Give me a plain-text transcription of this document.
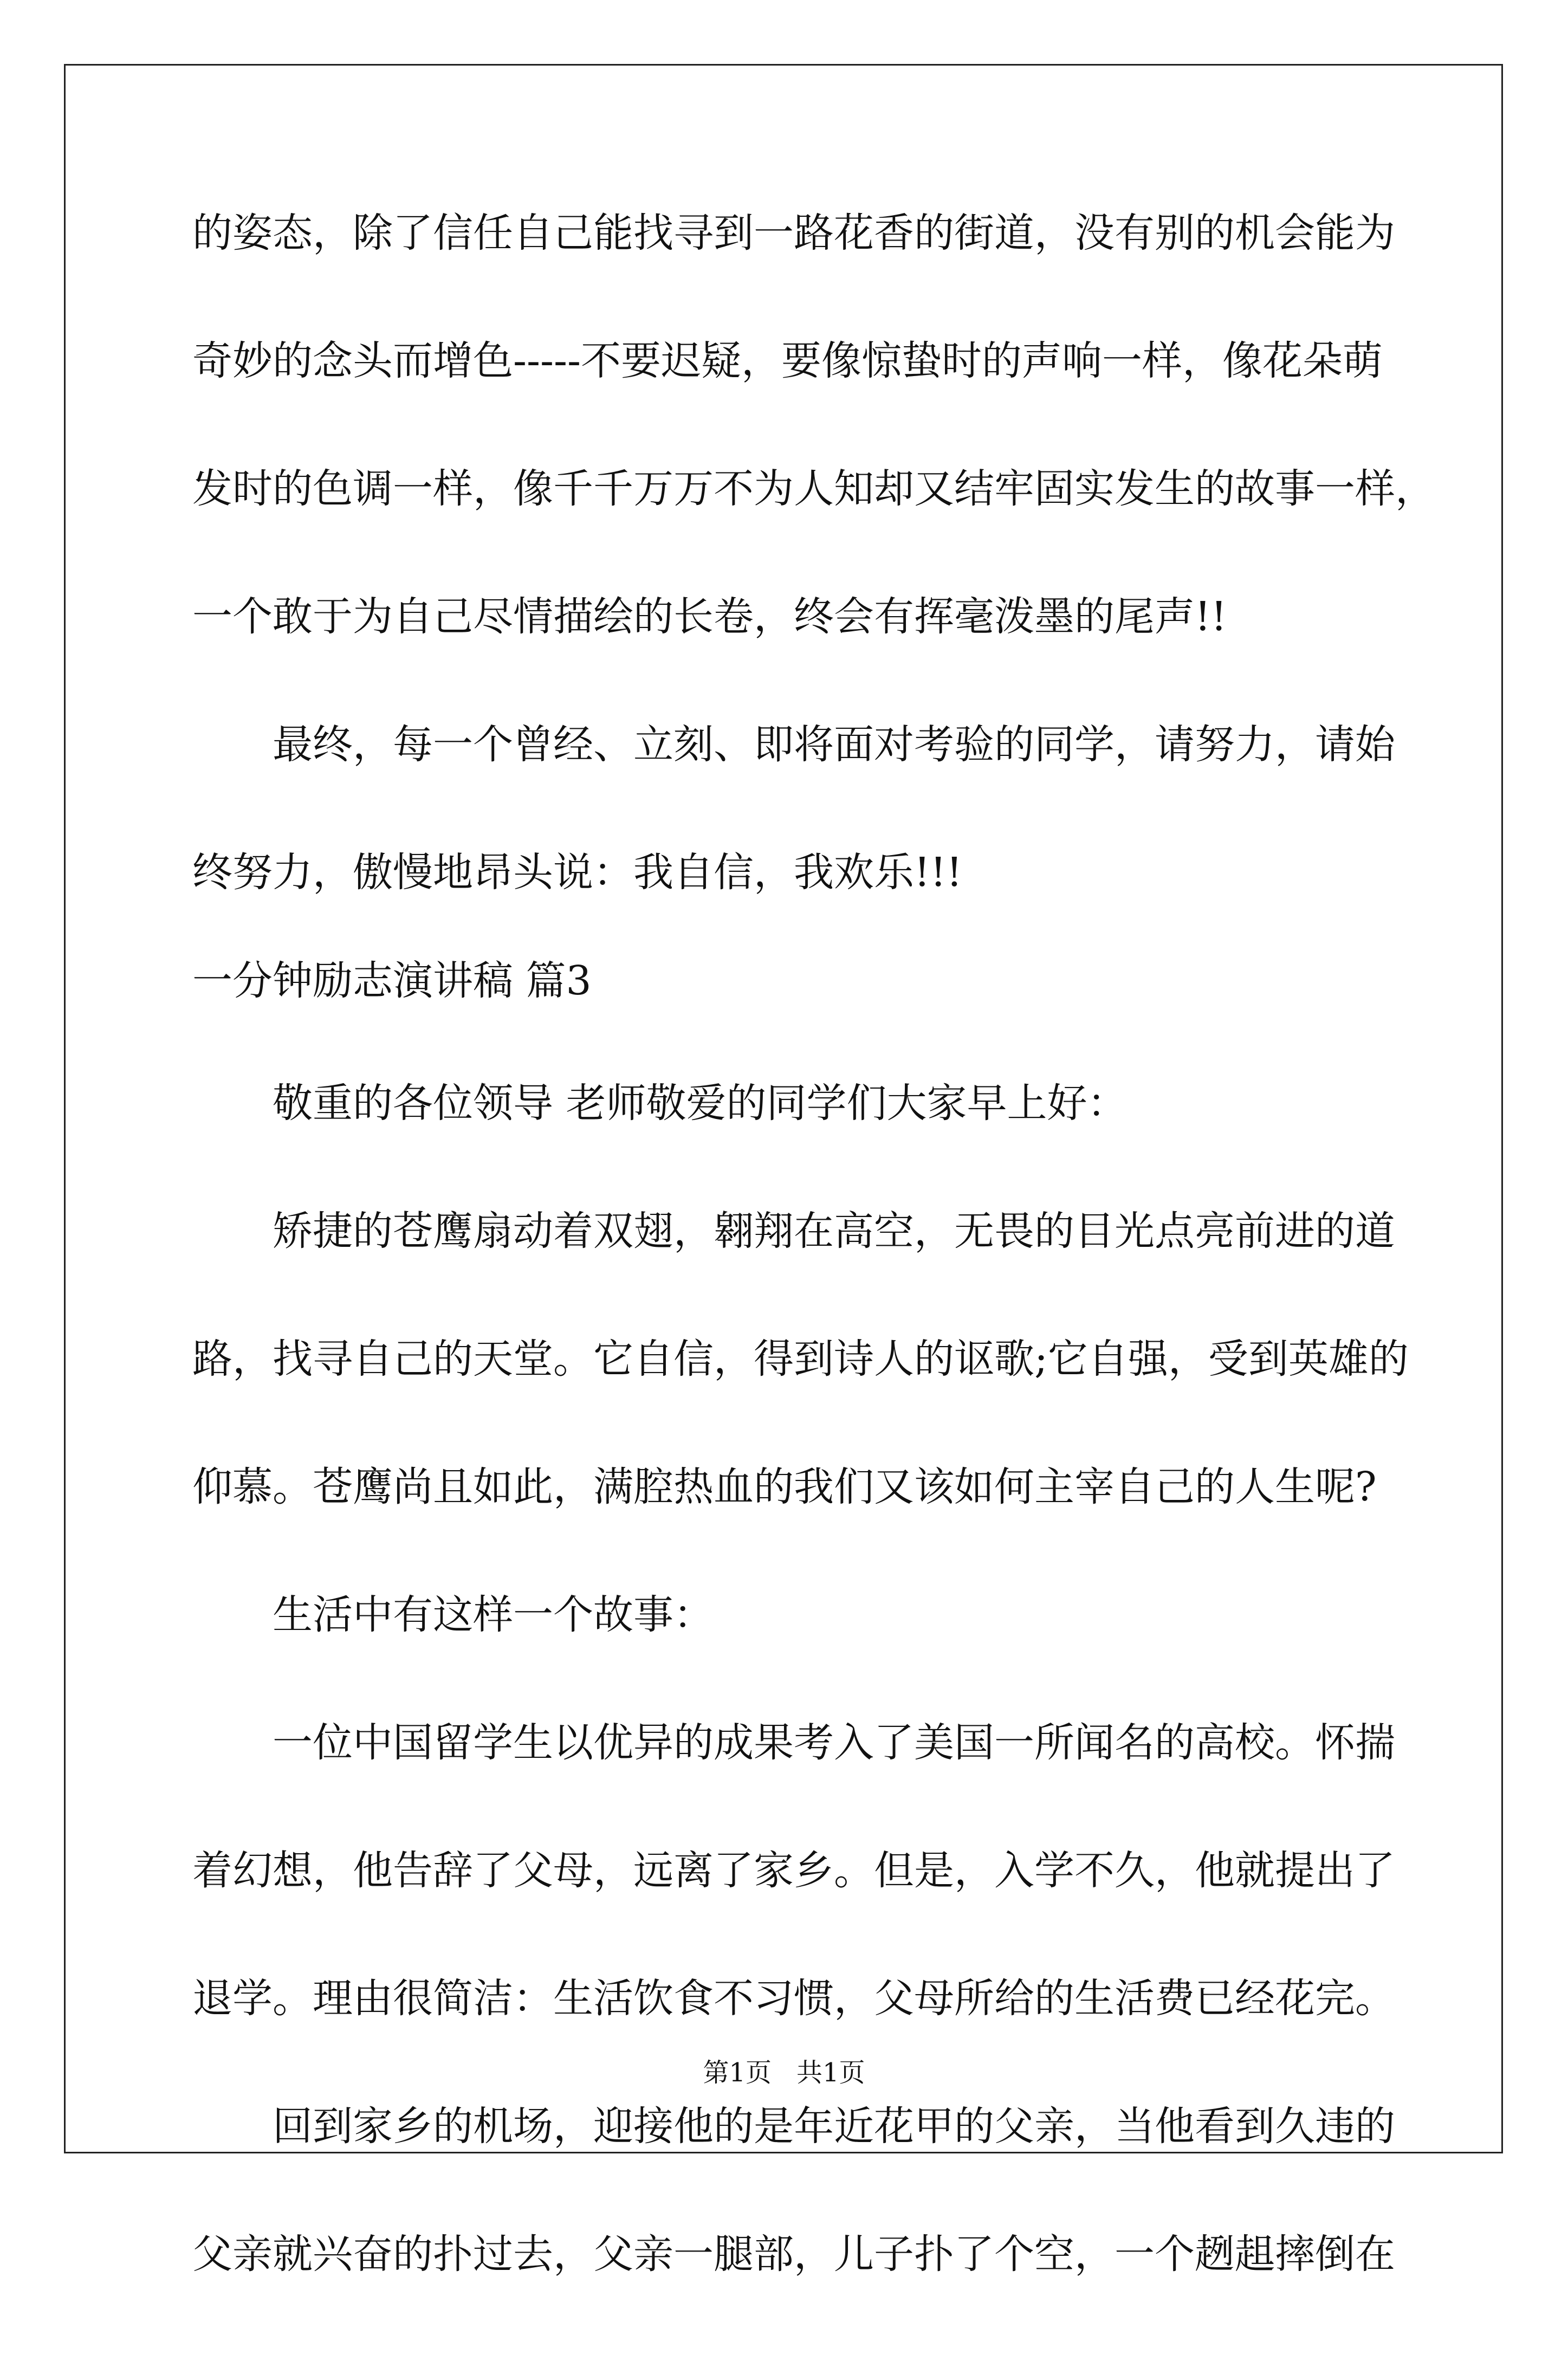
的姿态，除了信任自己能找寻到一路花香的街道，没有别的机会能为
奇妙的念头而增色-----不要迟疑，要像惊蛰时的声响一样，像花朵萌
发时的色调一样，像千千万万不为人知却又结牢固实发生的故事一样，
一个敢于为自己尽情描绘的长卷，终会有挥毫泼墨的尾声!!
最终，每一个曾经、立刻、即将面对考验的同学，请努力，请始
终努力，傲慢地昂头说：我自信，我欢乐!!!
一分钟励志演讲稿 篇3
敬重的各位领导 老师敬爱的同学们大家早上好：
矫捷的苍鹰扇动着双翅，翱翔在高空，无畏的目光点亮前进的道
路，找寻自己的天堂。它自信，得到诗人的讴歌;它自强，受到英雄的
仰慕。苍鹰尚且如此，满腔热血的我们又该如何主宰自己的人生呢?
生活中有这样一个故事：
一位中国留学生以优异的成果考入了美国一所闻名的高校。怀揣
着幻想，他告辞了父母，远离了家乡。但是，入学不久，他就提出了
退学。理由很简洁：生活饮食不习惯，父母所给的生活费已经花完。
回到家乡的机场，迎接他的是年近花甲的父亲，当他看到久违的
父亲就兴奋的扑过去，父亲一腿部，儿子扑了个空，一个趔趄摔倒在
第1页 共1页
